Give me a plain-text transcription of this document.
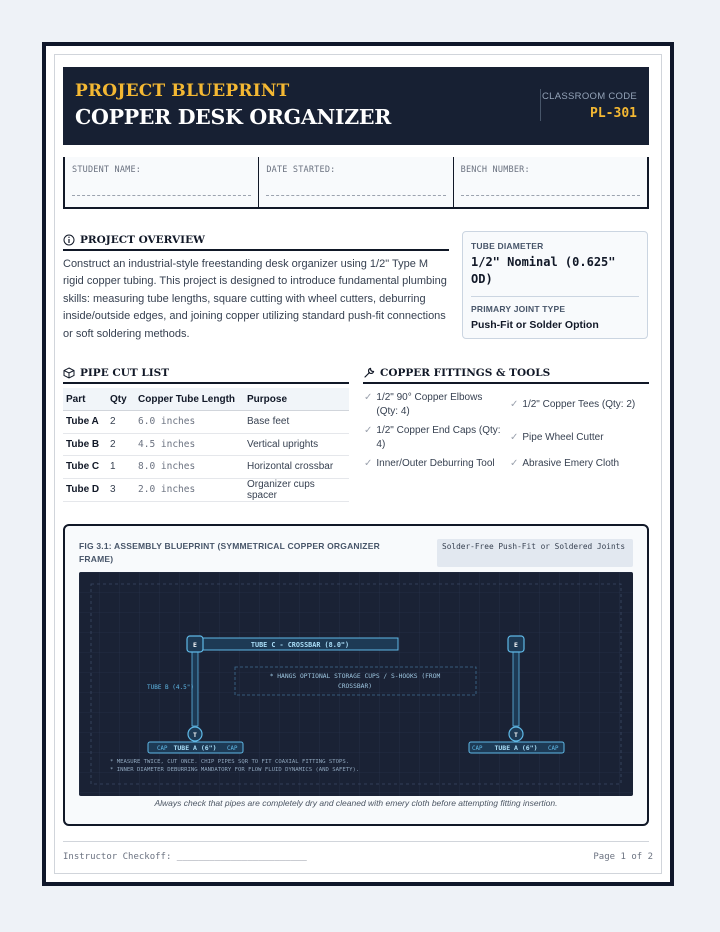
PROJECT BLUEPRINT
COPPER DESK ORGANIZER
CLASSROOM CODE
PL-301
STUDENT NAME:	DATE STARTED:	BENCH NUMBER:
PROJECT OVERVIEW
Construct an industrial-style freestanding desk organizer using 1/2" Type M rigid copper tubing. This project is designed to introduce fundamental plumbing skills: measuring tube lengths, square cutting with wheel cutters, deburring inside/outside edges, and joining copper utilizing standard push-fit connections or soft soldering methods.
TUBE DIAMETER
1/2" Nominal (0.625" OD)
PRIMARY JOINT TYPE
Push-Fit or Solder Option
PIPE CUT LIST
Part	Qty	Copper Tube Length	Purpose
Tube A	2	6.0 inches	Base feet
Tube B	2	4.5 inches	Vertical uprights
Tube C	1	8.0 inches	Horizontal crossbar
Tube D	3	2.0 inches	Organizer cups spacer
COPPER FITTINGS & TOOLS
✓ 1/2" 90° Copper Elbows (Qty: 4)
✓ 1/2" Copper Tees (Qty: 2)
✓ 1/2" Copper End Caps (Qty: 4)
✓ Pipe Wheel Cutter
✓ Inner/Outer Deburring Tool ✓ Abrasive Emery Cloth
FIG 3.1: ASSEMBLY BLUEPRINT (SYMMETRICAL COPPER ORGANIZER FRAME)
Solder-Free Push-Fit or Soldered Joints
TUBE C - CROSSBAR (8.0")
TUBE B (4.5")
E	E
* HANGS OPTIONAL STORAGE CUPS / S-HOOKS (FROM
CROSSBAR)
CAP TUBE A (6") CAP
T
CAP TUBE A (6") CAP
T
* MEASURE TWICE, CUT ONCE. CHIP PIPES SQR TO FIT COAXIAL FITTING STOPS.
* INNER DIAMETER DEBURRING MANDATORY FOR FLOW FLUID DYNAMICS (AND SAFETY).
Always check that pipes are completely dry and cleaned with emery cloth before attempting fitting insertion.
Instructor Checkoff: ________________________	Page 1 of 2
